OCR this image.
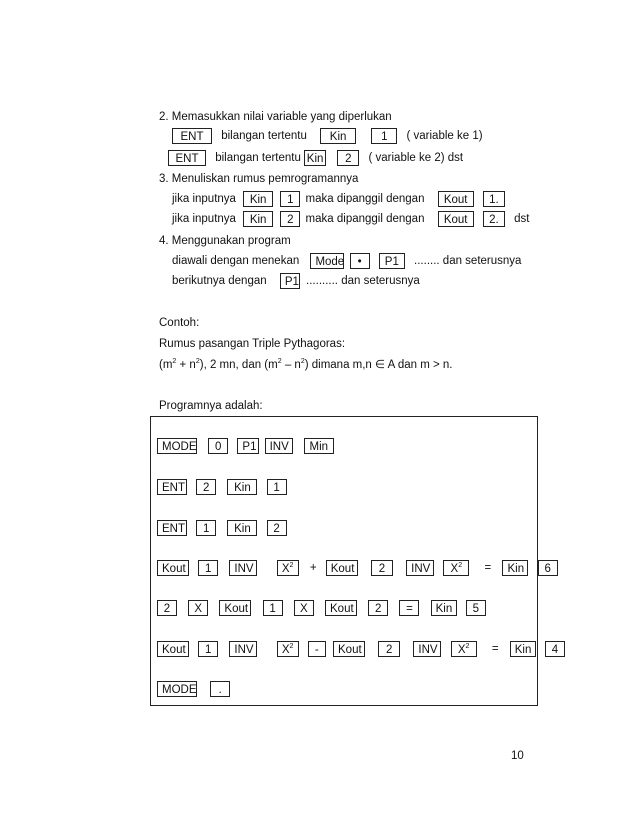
2. Memasukkan nilai variable yang diperlukan
ENT bilangan tertentu Kin	1 ( variable ke 1)
ENT bilangan tertentu Kin 2 ( variable ke 2) dst
3. Menuliskan rumus pemrogramannya
jika inputnya Kin 1 maka dipanggil dengan Kout 1.
jika inputnya Kin 2 maka dipanggil dengan Kout 2. dst
4. Menggunakan program
diawali dengan menekan Mode • P1 ........ dan seterusnya
berikutnya dengan P1 .......... dan seterusnya
Contoh:
Rumus pasangan Triple Pythagoras:
$(m^2 + n^2)$, 2 mn, dan $(m^2 - n^2)$ dimana m,n ∈ A dan m > n.
Programnya adalah:
MODE 0 P1 INV Min
ENT 2 Kin 1
ENT 1 Kin 2
Kout 1 INV $X^2$ + Kout 2 INV $X^2$ = Kin 6
2 X Kout 1 X Kout 2 = Kin 5
Kout 1 INV $X^2$ - Kout 2 INV $X^2$ = Kin 4
MODE .
10
